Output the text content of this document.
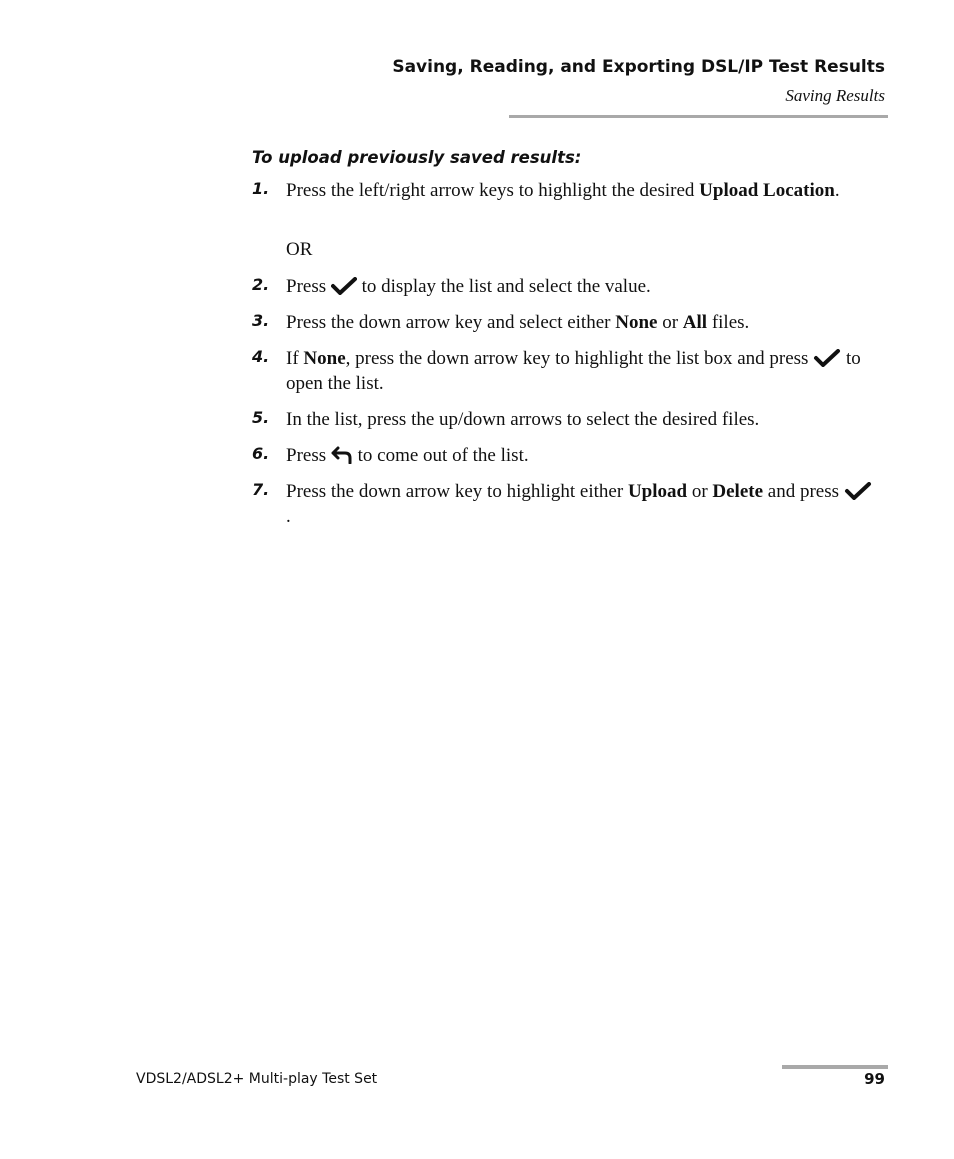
Saving, Reading, and Exporting DSL/IP Test Results
Saving Results
To upload previously saved results:
1. Press the left/right arrow keys to highlight the desired Upload Location.
OR
2. Press  to display the list and select the value.
3. Press the down arrow key and select either None or All files.
4. If None, press the down arrow key to highlight the list box and press  to open the list.
5. In the list, press the up/down arrows to select the desired files.
6. Press  to come out of the list.
7. Press the down arrow key to highlight either Upload or Delete and press .
VDSL2/ADSL2+ Multi-play Test Set	99
